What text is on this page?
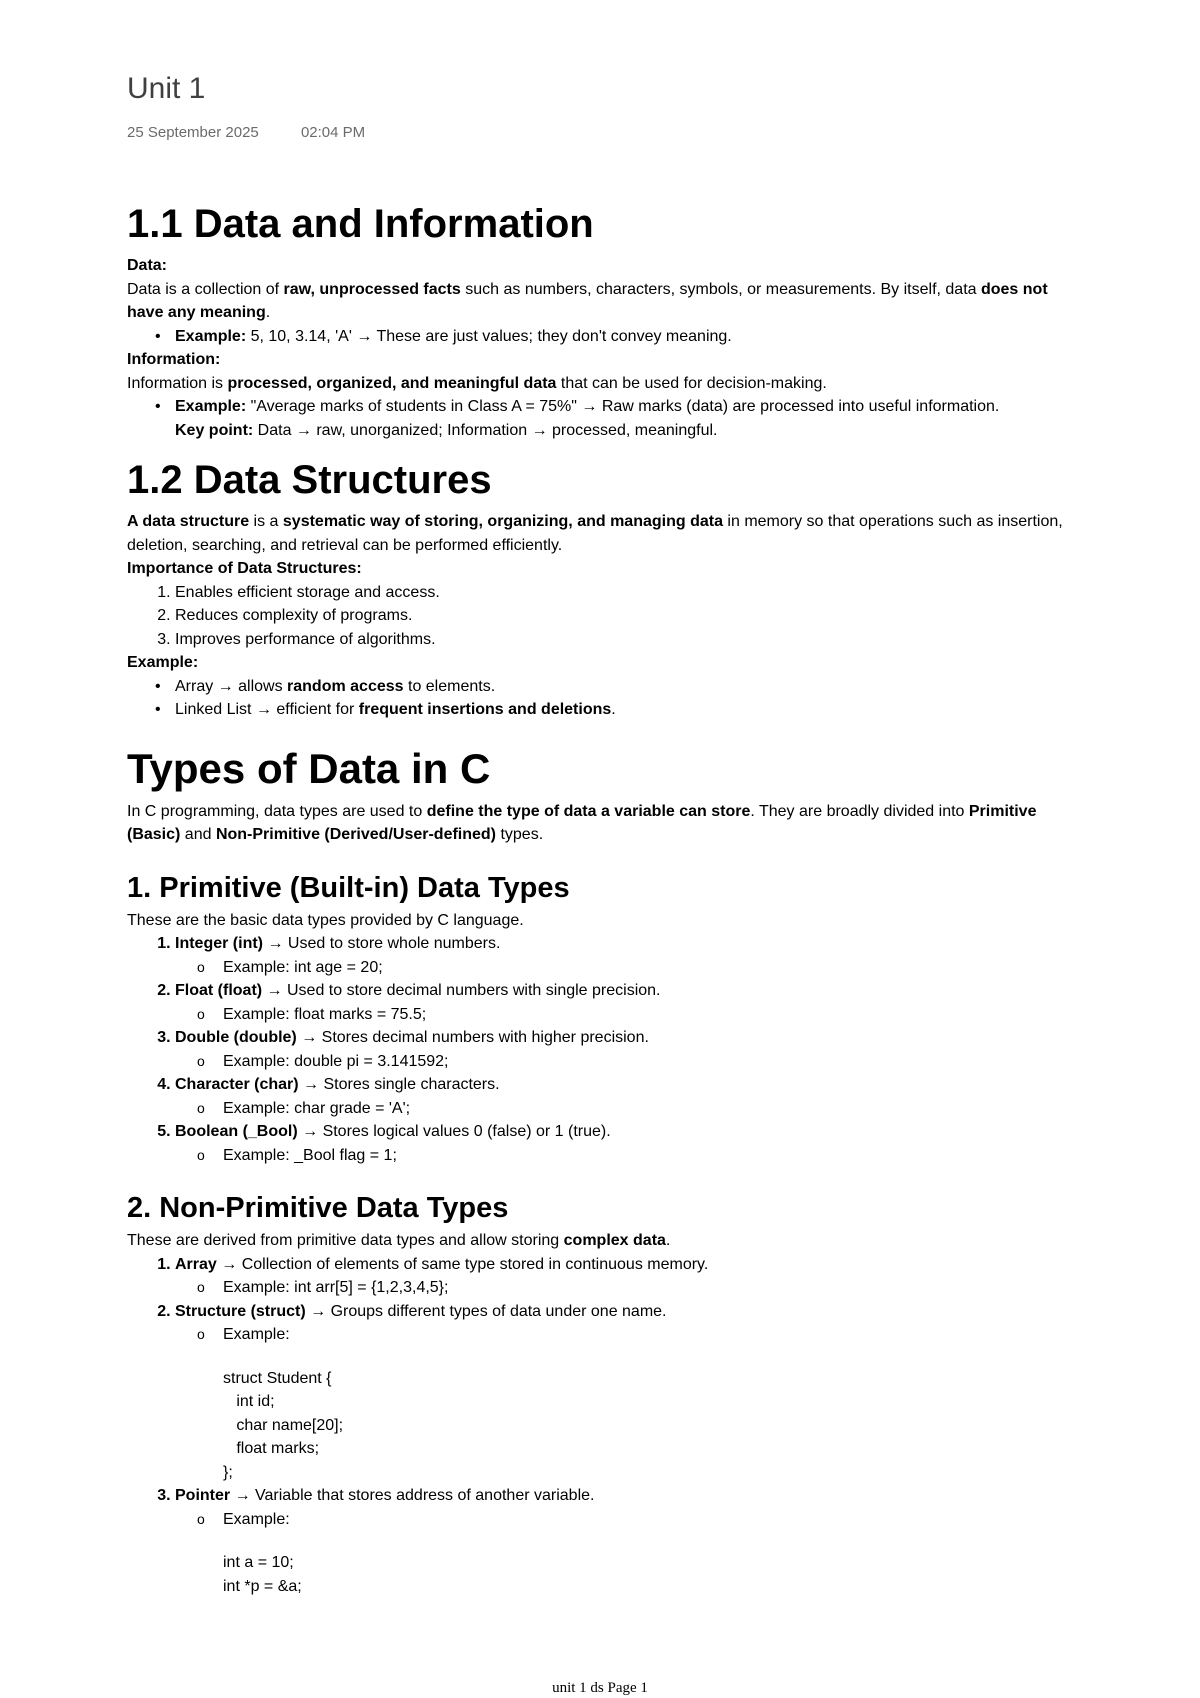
Unit 1
25 September 2025	02:04 PM
1.1 Data and Information

Data:

Data is a collection of raw, unprocessed facts such as numbers, characters, symbols, or measurements. By itself, data does not have any meaning.

• Example: 5, 10, 3.14, 'A' → These are just values; they don't convey meaning.

Information:

Information is processed, organized, and meaningful data that can be used for decision-making.

• Example: "Average marks of students in Class A = 75%" → Raw marks (data) are processed into useful information.
Key point: Data → raw, unorganized; Information → processed, meaningful.
1.2 Data Structures

A data structure is a systematic way of storing, organizing, and managing data in memory so that operations such as insertion, deletion, searching, and retrieval can be performed efficiently.

Importance of Data Structures:

1. Enables efficient storage and access.
2. Reduces complexity of programs.
3. Improves performance of algorithms.

Example:

• Array → allows random access to elements.
• Linked List → efficient for frequent insertions and deletions.
Types of Data in C

In C programming, data types are used to define the type of data a variable can store. They are broadly divided into Primitive (Basic) and Non-Primitive (Derived/User-defined) types.

1. Primitive (Built-in) Data Types

These are the basic data types provided by C language.

1. Integer (int) → Used to store whole numbers.
o Example: int age = 20;
2. Float (float) → Used to store decimal numbers with single precision.
o Example: float marks = 75.5;
3. Double (double) → Stores decimal numbers with higher precision.
o Example: double pi = 3.141592;
4. Character (char) → Stores single characters.
o Example: char grade = 'A';
5. Boolean (_Bool) → Stores logical values 0 (false) or 1 (true).
o Example: _Bool flag = 1;
2. Non-Primitive Data Types

These are derived from primitive data types and allow storing complex data.

1. Array → Collection of elements of same type stored in continuous memory.
o Example: int arr[5] = {1,2,3,4,5};
2. Structure (struct) → Groups different types of data under one name.
o Example:
struct Student {
int id;
char name[20];
float marks;
};
3. Pointer → Variable that stores address of another variable.
o Example:
int a = 10;
int *p = &a;
unit 1 ds Page 1
